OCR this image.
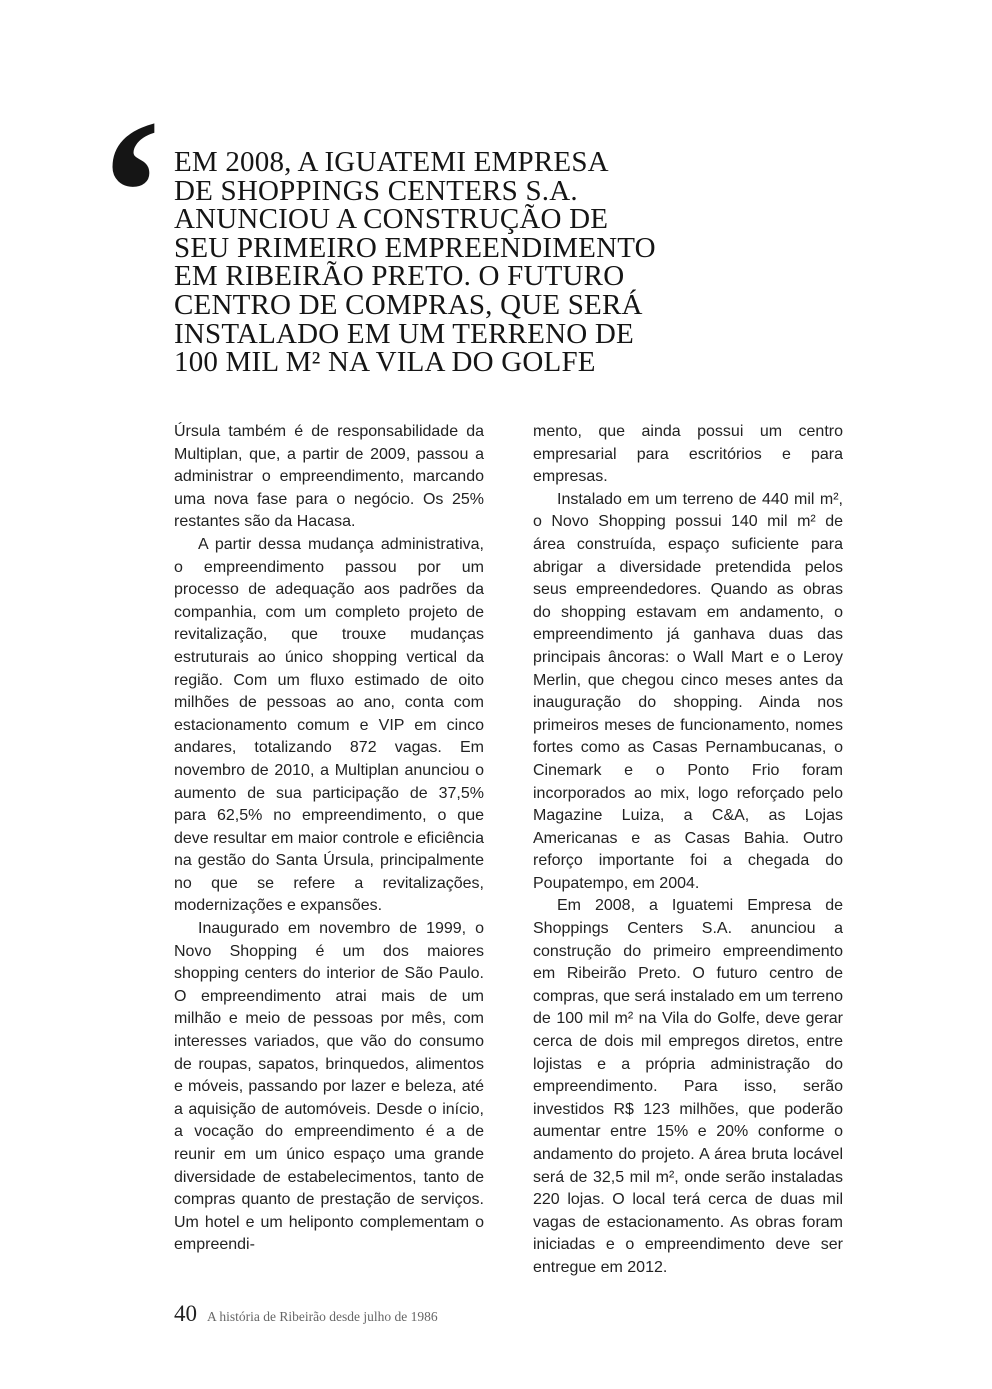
‘ EM 2008, A IGUATEMI EMPRESA
DE SHOPPINGS CENTERS S.A.
ANUNCIOU A CONSTRUÇÃO DE
SEU PRIMEIRO EMPREENDIMENTO
EM RIBEIRÃO PRETO. O FUTURO
CENTRO DE COMPRAS, QUE SERÁ
INSTALADO EM UM TERRENO DE
100 MIL M² NA VILA DO GOLFE

Úrsula também é de responsabilidade da Multiplan, que, a partir de 2009, passou a administrar o empreendimento, marcando uma nova fase para o negócio. Os 25% restantes são da Hacasa.

A partir dessa mudança administrativa, o empreendimento passou por um processo de adequação aos padrões da companhia, com um completo projeto de revitalização, que trouxe mudanças estruturais ao único shopping vertical da região. Com um fluxo estimado de oito milhões de pessoas ao ano, conta com estacionamento comum e VIP em cinco andares, totalizando 872 vagas. Em novembro de 2010, a Multiplan anunciou o aumento de sua participação de 37,5% para 62,5% no empreendimento, o que deve resultar em maior controle e eficiência na gestão do Santa Úrsula, principalmente no que se refere a revitalizações, modernizações e expansões.

Inaugurado em novembro de 1999, o Novo Shopping é um dos maiores shopping centers do interior de São Paulo. O empreendimento atrai mais de um milhão e meio de pessoas por mês, com interesses variados, que vão do consumo de roupas, sapatos, brinquedos, alimentos e móveis, passando por lazer e beleza, até a aquisição de automóveis. Desde o início, a vocação do empreendimento é a de reunir em um único espaço uma grande diversidade de estabelecimentos, tanto de compras quanto de prestação de serviços. Um hotel e um heliponto complementam o empreendi-

mento, que ainda possui um centro empresarial para escritórios e para empresas.

Instalado em um terreno de 440 mil m², o Novo Shopping possui 140 mil m² de área construída, espaço suficiente para abrigar a diversidade pretendida pelos seus empreendedores. Quando as obras do shopping estavam em andamento, o empreendimento já ganhava duas das principais âncoras: o Wall Mart e o Leroy Merlin, que chegou cinco meses antes da inauguração do shopping. Ainda nos primeiros meses de funcionamento, nomes fortes como as Casas Pernambucanas, o Cinemark e o Ponto Frio foram incorporados ao mix, logo reforçado pelo Magazine Luiza, a C&A, as Lojas Americanas e as Casas Bahia. Outro reforço importante foi a chegada do Poupatempo, em 2004.

Em 2008, a Iguatemi Empresa de Shoppings Centers S.A. anunciou a construção do primeiro empreendimento em Ribeirão Preto. O futuro centro de compras, que será instalado em um terreno de 100 mil m² na Vila do Golfe, deve gerar cerca de dois mil empregos diretos, entre lojistas e a própria administração do empreendimento. Para isso, serão investidos R$ 123 milhões, que poderão aumentar entre 15% e 20% conforme o andamento do projeto. A área bruta locável será de 32,5 mil m², onde serão instaladas 220 lojas. O local terá cerca de duas mil vagas de estacionamento. As obras foram iniciadas e o empreendimento deve ser entregue em 2012.

40 A história de Ribeirão desde julho de 1986
